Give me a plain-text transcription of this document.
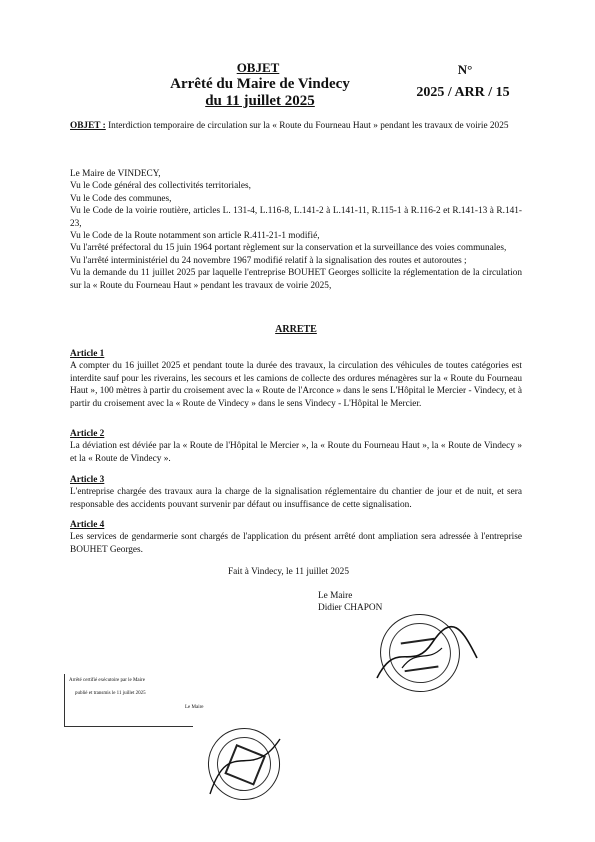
OBJET
Arrêté du Maire de Vindecy
du 11 juillet 2025
N°
2025 / ARR / 15
OBJET : Interdiction temporaire de circulation sur la « Route du Fourneau Haut » pendant les travaux de voirie 2025
Le Maire de VINDECY,
Vu le Code général des collectivités territoriales,
Vu le Code des communes,
Vu le Code de la voirie routière, articles L. 131-4, L.116-8, L.141-2 à L.141-11, R.115-1 à R.116-2 et R.141-13 à R.141-23,
Vu le Code de la Route notamment son article R.411-21-1 modifié,
Vu l'arrêté préfectoral du 15 juin 1964 portant règlement sur la conservation et la surveillance des voies communales,
Vu l'arrêté interministériel du 24 novembre 1967 modifié relatif à la signalisation des routes et autoroutes ;
Vu la demande du 11 juillet 2025 par laquelle l'entreprise BOUHET Georges sollicite la réglementation de la circulation sur la « Route du Fourneau Haut » pendant les travaux de voirie 2025,
ARRETE
Article 1
A compter du 16 juillet 2025 et pendant toute la durée des travaux, la circulation des véhicules de toutes catégories est interdite sauf pour les riverains, les secours et les camions de collecte des ordures ménagères sur la « Route du Fourneau Haut », 100 mètres à partir du croisement avec la « Route de l'Arconce » dans le sens L'Hôpital le Mercier - Vindecy, et à partir du croisement avec la « Route de Vindecy » dans le sens Vindecy - L'Hôpital le Mercier.
Article 2
La déviation est déviée par la « Route de l'Hôpital le Mercier », la « Route du Fourneau Haut », la « Route de Vindecy » et la « Route de Vindecy ».
Article 3
L'entreprise chargée des travaux aura la charge de la signalisation réglementaire du chantier de jour et de nuit, et sera responsable des accidents pouvant survenir par défaut ou insuffisance de cette signalisation.
Article 4
Les services de gendarmerie sont chargés de l'application du présent arrêté dont ampliation sera adressée à l'entreprise BOUHET Georges.
Fait à Vindecy, le 11 juillet 2025
Le Maire
Didier CHAPON
Arrêté certifié exécutoire par le Maire
publié et transmis le 11 juillet 2025
Le Maire
